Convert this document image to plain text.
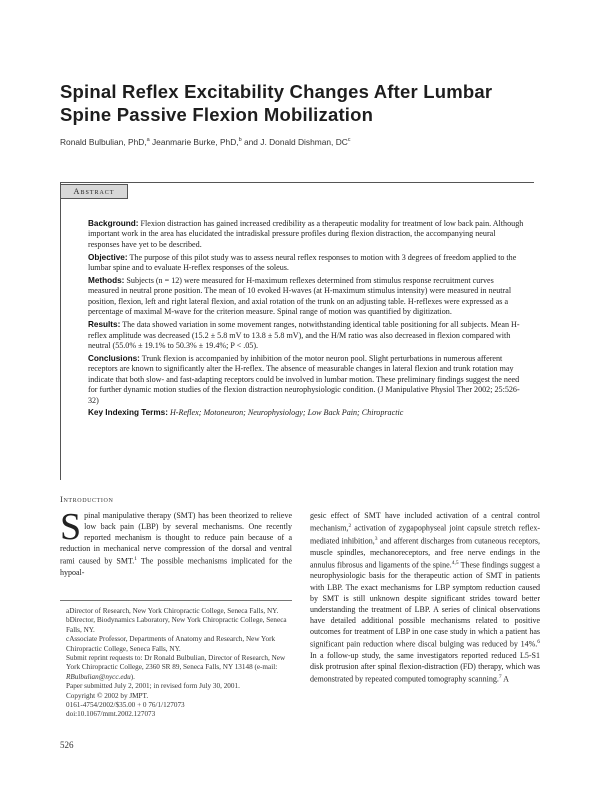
Spinal Reflex Excitability Changes After Lumbar
Spine Passive Flexion Mobilization
Ronald Bulbulian, PhD,$^a$ Jeanmarie Burke, PhD,$^b$ and J. Donald Dishman, $DC^c$
Abstract

Background: Flexion distraction has gained increased credibility as a therapeutic modality for treatment of low back pain. Although important work in the area has elucidated the intradiskal pressure profiles during flexion distraction, the accompanying neural responses have yet to be described.

Objective: The purpose of this pilot study was to assess neural reflex responses to motion with 3 degrees of freedom applied to the lumbar spine and to evaluate H-reflex responses of the soleus.

Methods: Subjects (n = 12) were measured for H-maximum reflexes determined from stimulus response recruitment curves measured in neutral prone position. The mean of 10 evoked H-waves (at H-maximum stimulus intensity) were measured in neutral position, flexion, left and right lateral flexion, and axial rotation of the trunk on an adjusting table. H-reflexes were expressed as a percentage of maximal M-wave for the criterion measure. Spinal range of motion was quantified by digitization.

Results: The data showed variation in some movement ranges, notwithstanding identical table positioning for all subjects. Mean H-reflex amplitude was decreased (15.2 ± 5.8 mV to 13.8 ± 5.8 mV), and the H/M ratio was also decreased in flexion compared with neutral (55.0% ± 19.1% to 50.3% ± 19.4%; P < .05).

Conclusions: Trunk flexion is accompanied by inhibition of the motor neuron pool. Slight perturbations in numerous afferent receptors are known to significantly alter the H-reflex. The absence of measurable changes in lateral flexion and trunk rotation may indicate that both slow- and fast-adapting receptors could be involved in lumbar motion. These preliminary findings suggest the need for further dynamic motion studies of the flexion distraction neurophysiologic condition. (J Manipulative Physiol Ther 2002; 25:526-32)

Key Indexing Terms: H-Reflex; Motoneuron; Neurophysiology; Low Back Pain; Chiropractic

Introduction
Spinal manipulative therapy (SMT) has been theorized to relieve low back pain (LBP) by several mechanisms. One recently reported mechanism is thought to reduce pain because of a reduction in mechanical nerve compression of the dorsal and ventral rami caused by SMT.$^1$ The possible mechanisms implicated for the hypoal-
aDirector of Research, New York Chiropractic College, Seneca Falls, NY.
bDirector, Biodynamics Laboratory, New York Chiropractic College, Seneca Falls, NY.
cAssociate Professor, Departments of Anatomy and Research, New York Chiropractic College, Seneca Falls, NY.
Submit reprint requests to: Dr Ronald Bulbulian, Director of Research, New York Chiropractic College, 2360 SR 89, Seneca Falls, NY 13148 (e-mail: RBulbulian@nycc.edu).
Paper submitted July 2, 2001; in revised form July 30, 2001.
Copyright © 2002 by JMPT.
0161-4754/2002/$35.00 + 0 76/1/127073
doi:10.1067/mmt.2002.127073
gesic effect of SMT have included activation of a central control mechanism,$^2$ activation of zygapophyseal joint capsule stretch reflex-mediated inhibition,$^3$ and afferent discharges from cutaneous receptors, muscle spindles, mechanoreceptors, and free nerve endings in the annulus fibrosus and ligaments of the spine.$^{4,5}$ These findings suggest a neurophysiologic basis for the therapeutic action of SMT in patients with LBP. The exact mechanisms for LBP symptom reduction caused by SMT is still unknown despite significant strides toward better understanding the treatment of LBP. A series of clinical observations have detailed additional possible mechanisms related to positive outcomes for treatment of LBP in one case study in which a patient has significant pain reduction where discal bulging was reduced by 14%.$^6$ In a follow-up study, the same investigators reported reduced L5-S1 disk protrusion after spinal flexion-distraction (FD) therapy, which was demonstrated by repeated computed tomography scanning.$^7$ A
526
